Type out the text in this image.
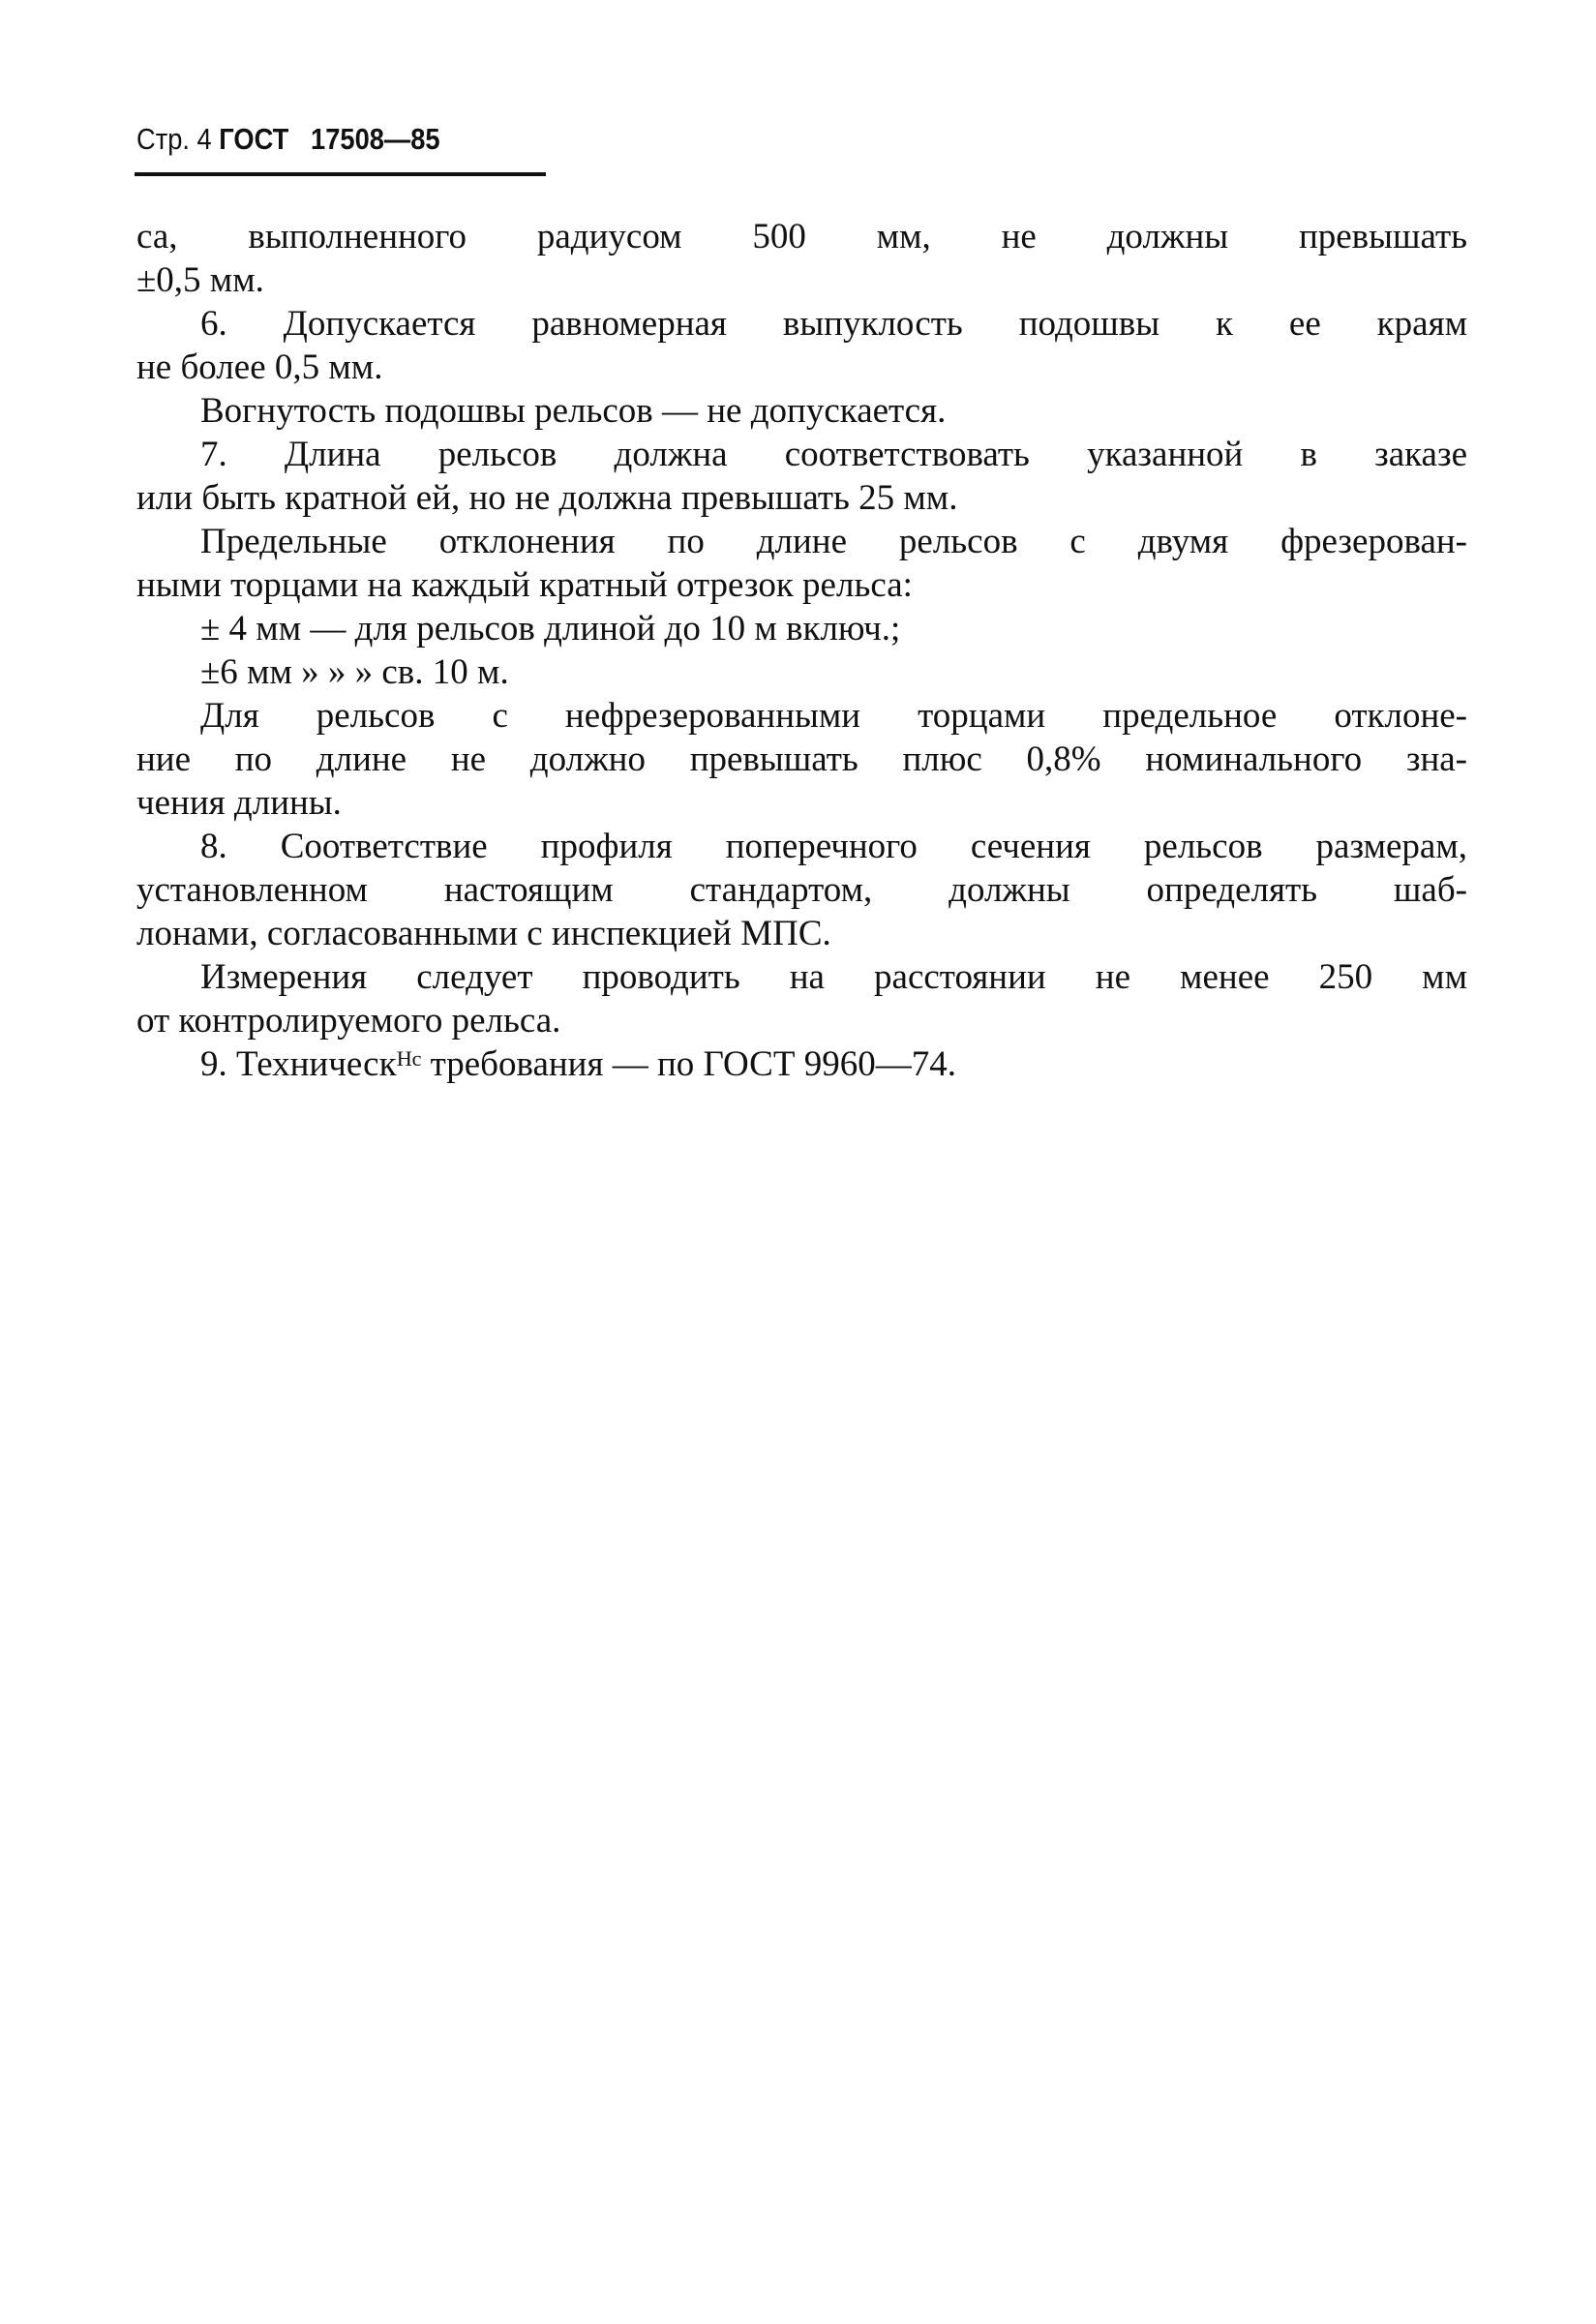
Стр. 4 ГОСТ 17508—85
са, выполненного радиусом 500 мм, не должны превышать
±0,5 мм.
6. Допускается равномерная выпуклость подошвы к ее краям
не более 0,5 мм.
Вогнутость подошвы рельсов — не допускается.
7. Длина рельсов должна соответствовать указанной в заказе
или быть кратной ей, но не должна превышать 25 мм.
Предельные отклонения по длине рельсов с двумя фрезерован-
ными торцами на каждый кратный отрезок рельса:
± 4 мм — для рельсов длиной до 10 м включ.;
±6 мм » » » св. 10 м.
Для рельсов с нефрезерованными торцами предельное отклоне-
ние по длине не должно превышать плюс 0,8% номинального зна-
чения длины.
8. Соответствие профиля поперечного сечения рельсов размерам,
установленном настоящим стандартом, должны определять шаб-
лонами, согласованными с инспекцией МПС.
Измерения следует проводить на расстоянии не менее 250 мм
от контролируемого рельса.
9. Техническᴴᶜ требования — по ГОСТ 9960—74.
